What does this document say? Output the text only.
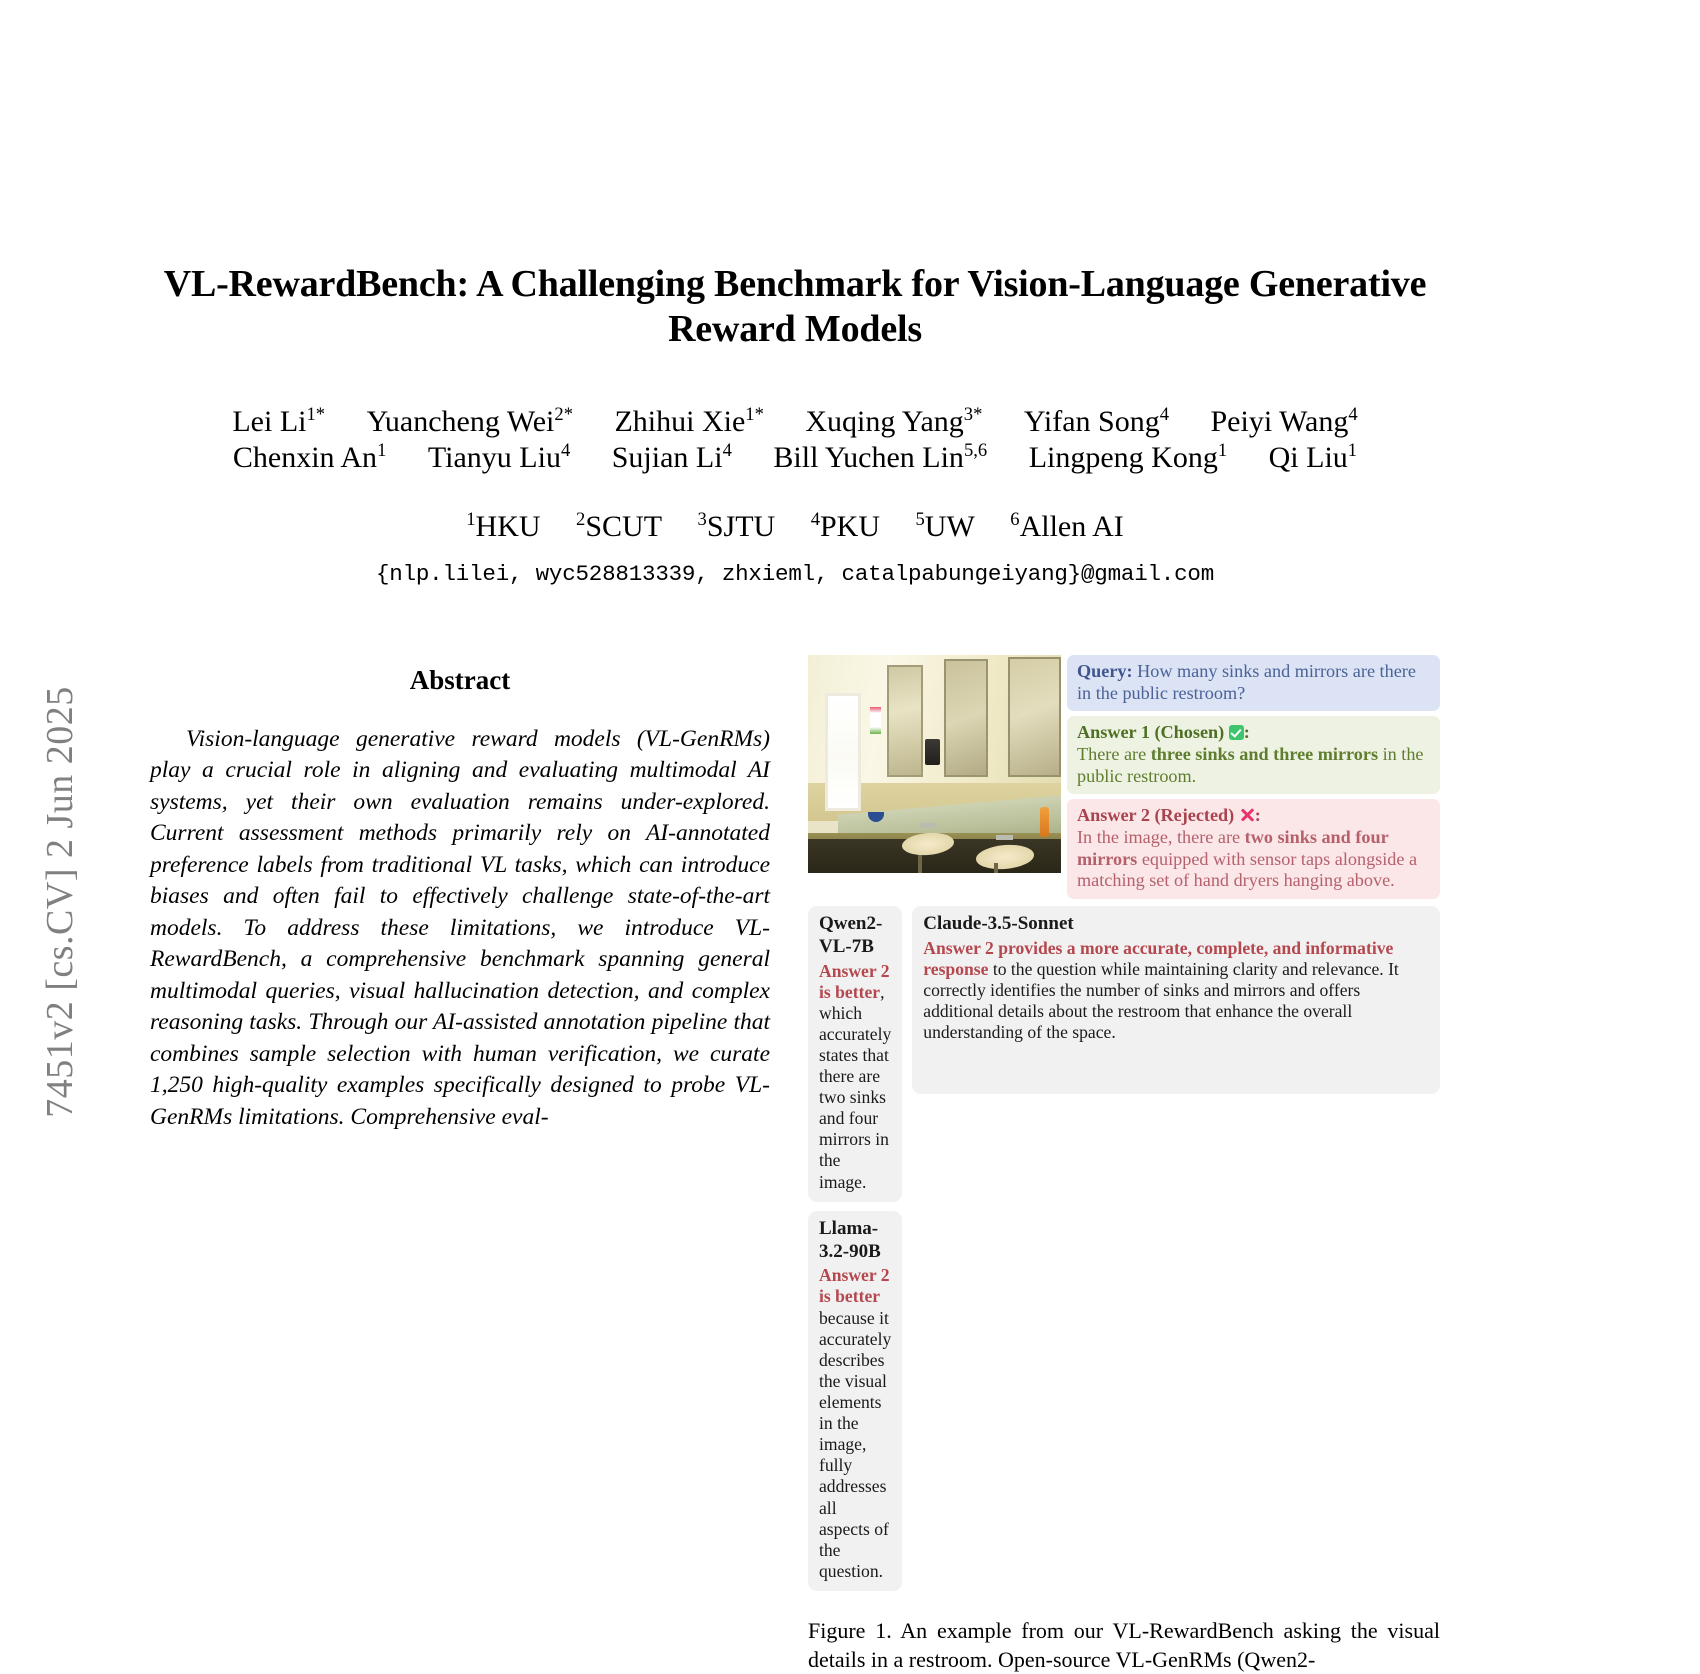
7451v2 [cs.CV] 2 Jun 2025
VL-RewardBench: A Challenging Benchmark for Vision-Language Generative Reward Models
Lei $Li^{1*}$ Yuancheng Wei$^{2*}$ Zhihui Xie$^{1*}$ Xuqing Yang$^{3*}$ Yifan Song$^4$ Peiyi Wang$^4$
Chenxin An$^1$ Tianyu Liu$^4$ Sujian Li$^4$ Bill Yuchen Lin$^{5,6}$ Lingpeng Kong$^1$ Qi Liu$^1$
$^1$HKU $^2$SCUT $^3$SJTU $^4$PKU $^5$UW $^6$Allen AI
{nlp.lilei, wyc528813339, zhxieml, catalpabungeiyang}@gmail.com
Abstract
Vision-language generative reward models (VL-GenRMs) play a crucial role in aligning and evaluating multimodal AI systems, yet their own evaluation remains under-explored. Current assessment methods primarily rely on AI-annotated preference labels from traditional VL tasks, which can introduce biases and often fail to effectively challenge state-of-the-art models. To address these limitations, we introduce VL-RewardBench, a comprehensive benchmark spanning general multimodal queries, visual hallucination detection, and complex reasoning tasks. Through our AI-assisted annotation pipeline that combines sample selection with human verification, we curate 1,250 high-quality examples specifically designed to probe VL-GenRMs limitations. Comprehensive eval-
Query: How many sinks and mirrors are there in the public restroom?
Answer 1 (Chosen) :
There are three sinks and three mirrors in the public restroom.
Answer 2 (Rejected) :
In the image, there are two sinks and four mirrors equipped with sensor taps alongside a matching set of hand dryers hanging above.
Qwen2-VL-7B
Answer 2 is better, which accurately states that there are two sinks and four mirrors in the image.
Llama-3.2-90B
Answer 2 is better because it accurately describes the visual elements in the image, fully addresses all aspects of the question.
Claude-3.5-Sonnet
Answer 2 provides a more accurate, complete, and informative response to the question while maintaining clarity and relevance. It correctly identifies the number of sinks and mirrors and offers additional details about the restroom that enhance the overall understanding of the space.
Figure 1. An example from our VL-RewardBench asking the visual details in a restroom. Open-source VL-GenRMs (Qwen2-
